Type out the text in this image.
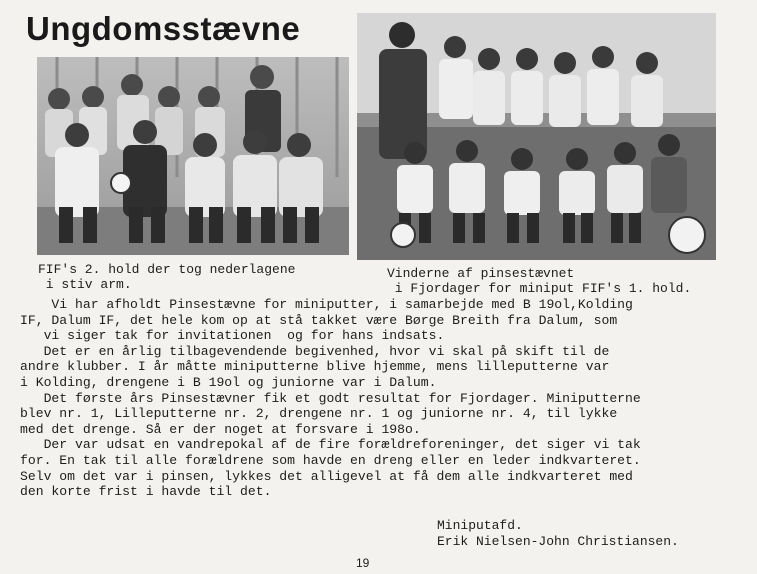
Ungdomsstævne
FIF's 2. hold der tog nederlagene
i stiv arm.
Vinderne af pinsestævnet
i Fjordager for miniput FIF's 1. hold.
Vi har afholdt Pinsestævne for miniputter, i samarbejde med B 19ol,Kolding
IF, Dalum IF, det hele kom op at stå takket være Børge Breith fra Dalum, som
vi siger tak for invitationen  og for hans indsats.
Det er en årlig tilbagevendende begivenhed, hvor vi skal på skift til de
andre klubber. I år måtte miniputterne blive hjemme, mens lilleputterne var
i Kolding, drengene i B 19ol og juniorne var i Dalum.
Det første års Pinsestævner fik et godt resultat for Fjordager. Miniputterne
blev nr. 1, Lilleputterne nr. 2, drengene nr. 1 og juniorne nr. 4, til lykke
med det drenge. Så er der noget at forsvare i 198o.
Der var udsat en vandrepokal af de fire forældreforeninger, det siger vi tak
for. En tak til alle forældrene som havde en dreng eller en leder indkvarteret.
Selv om det var i pinsen, lykkes det alligevel at få dem alle indkvarteret med
den korte frist i havde til det.
Miniputafd.
Erik Nielsen-John Christiansen.
19
